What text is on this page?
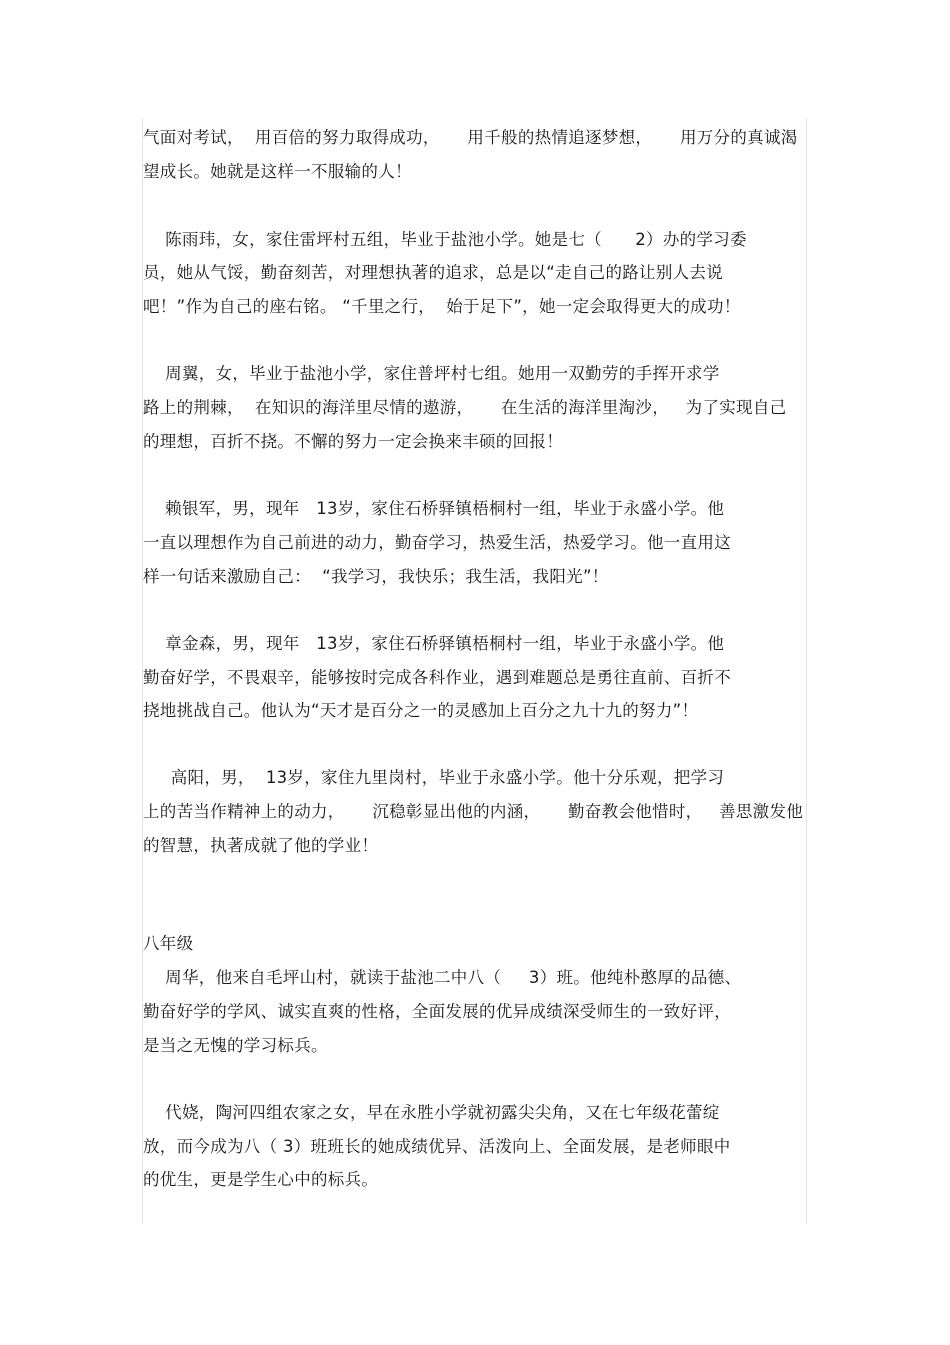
气面对考试，  用百倍的努力取得成功，     用千般的热情追逐梦想，     用万分的真诚渴
望成长。她就是这样一不服输的人！
陈雨玮，女，家住雷坪村五组，毕业于盐池小学。她是七（      2）办的学习委
员，她从气馁，勤奋刻苦，对理想执著的追求，总是以“走自己的路让别人去说
吧！”作为自己的座右铭。 “千里之行，  始于足下”，她一定会取得更大的成功！
周翼，女，毕业于盐池小学，家住普坪村七组。她用一双勤劳的手挥开求学
路上的荆棘，  在知识的海洋里尽情的遨游，     在生活的海洋里淘沙，   为了实现自己
的理想，百折不挠。不懈的努力一定会换来丰硕的回报！
赖银军，男，现年   13岁，家住石桥驿镇梧桐村一组，毕业于永盛小学。他
一直以理想作为自己前进的动力，勤奋学习，热爱生活，热爱学习。他一直用这
样一句话来激励自己：  “我学习，我快乐；我生活，我阳光”！
章金森，男，现年   13岁，家住石桥驿镇梧桐村一组，毕业于永盛小学。他
勤奋好学，不畏艰辛，能够按时完成各科作业，遇到难题总是勇往直前、百折不
挠地挑战自己。他认为“天才是百分之一的灵感加上百分之九十九的努力”！
高阳，男，  13岁，家住九里岗村，毕业于永盛小学。他十分乐观，把学习
上的苦当作精神上的动力，     沉稳彰显出他的内涵，     勤奋教会他惜时，   善思激发他
的智慧，执著成就了他的学业！
八年级
周华，他来自毛坪山村，就读于盐池二中八（     3）班。他纯朴憨厚的品德、
勤奋好学的学风、诚实直爽的性格，全面发展的优异成绩深受师生的一致好评，
是当之无愧的学习标兵。
代娆，陶河四组农家之女，早在永胜小学就初露尖尖角，又在七年级花蕾绽
放，而今成为八（ 3）班班长的她成绩优异、活泼向上、全面发展，是老师眼中
的优生，更是学生心中的标兵。
